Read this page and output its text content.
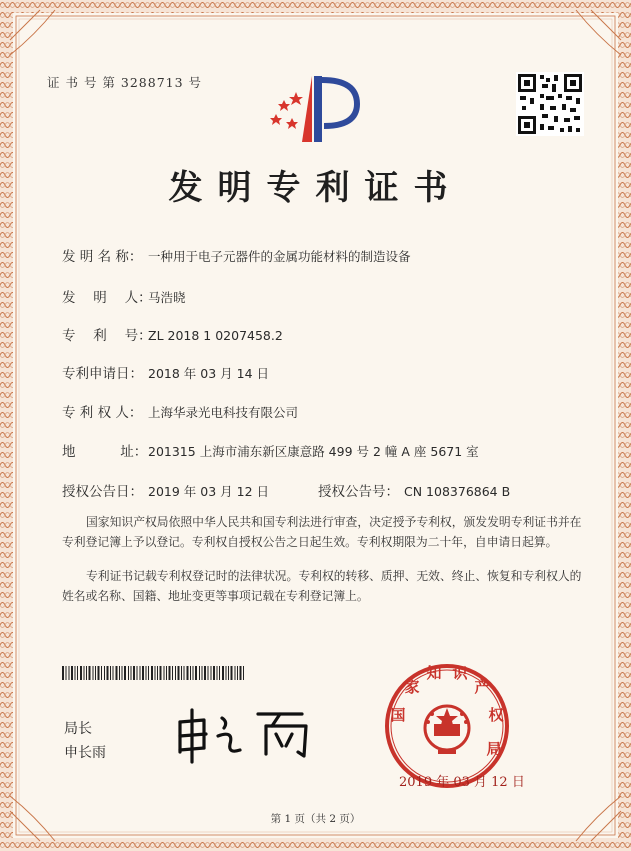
证 书 号 第 3288713 号
发明专利证书
发 明 名 称： 一种用于电子元器件的金属功能材料的制造设备
发　 明　 人：马浩晓
专　 利　 号：ZL 2018 1 0207458.2
专利申请日： 2018 年 03 月 14 日
专 利 权 人： 上海华录光电科技有限公司
地　　　 址：201315 上海市浦东新区康意路 499 号 2 幢 A 座 5671 室
授权公告日： 2019 年 03 月 12 日	授权公告号： CN 108376864 B
国家知识产权局依照中华人民共和国专利法进行审查，决定授予专利权，颁发发明专利证书并在专利登记簿上予以登记。专利权自授权公告之日起生效。专利权期限为二十年，自申请日起算。
专利证书记载专利权登记时的法律状况。专利权的转移、质押、无效、终止、恢复和专利权人的姓名或名称、国籍、地址变更等事项记载在专利登记簿上。
局长
申长雨
国
家
知 识
产
权
局
2019 年 03 月 12 日
第 1 页（共 2 页）
